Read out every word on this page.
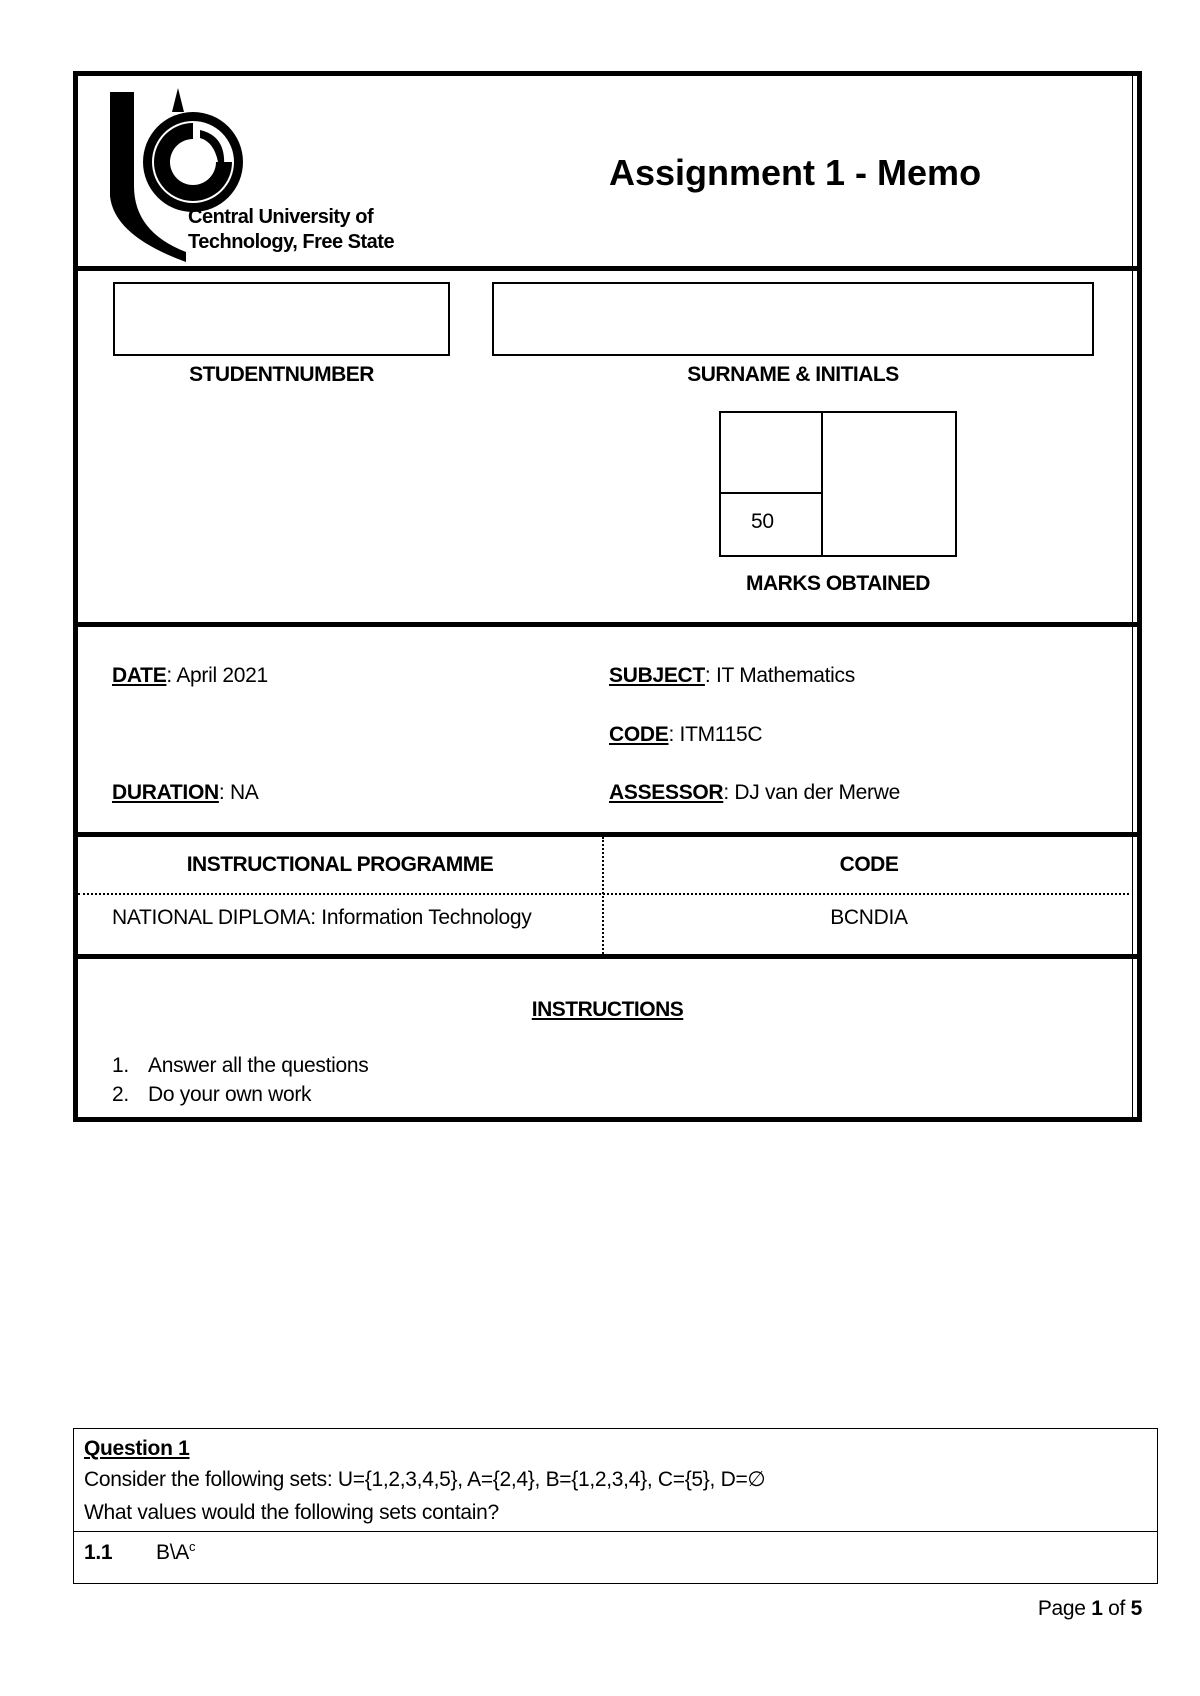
Central University of
Technology, Free State
Assignment 1 - Memo
STUDENTNUMBER	SURNAME & INITIALS
50
MARKS OBTAINED
DATE: April 2021	SUBJECT: IT Mathematics
CODE: ITM115C
DURATION: NA	ASSESSOR: DJ van der Merwe
INSTRUCTIONAL PROGRAMME	CODE
NATIONAL DIPLOMA: Information Technology	BCNDIA
INSTRUCTIONS
1. Answer all the questions
2. Do your own work
Question 1
Consider the following sets: U={1,2,3,4,5}, A={2,4}, B={1,2,3,4}, C={5}, D=∅
What values would the following sets contain?
1.1 $B\backslash A^c$
Page 1 of 5
